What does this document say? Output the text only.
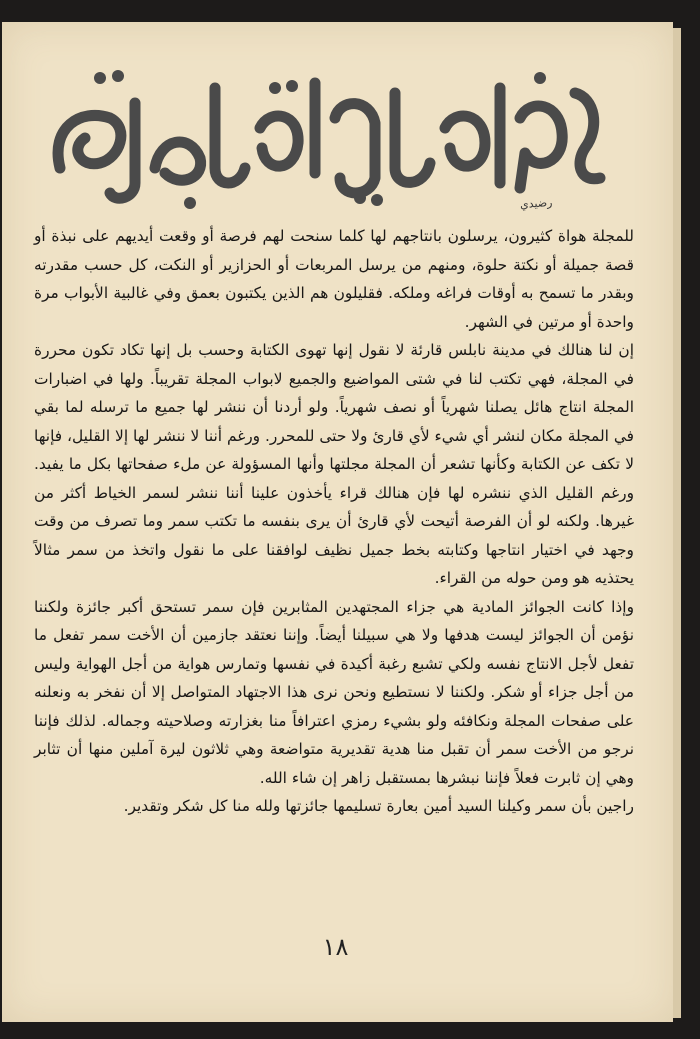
رضيدي

للمجلة هواة كثيرون، يرسلون بانتاجهم لها كلما سنحت لهم فرصة أو وقعت أيديهم على نبذة أو قصة جميلة أو نكتة حلوة، ومنهم من يرسل المربعات أو الحزازير أو النكت، كل حسب مقدرته وبقدر ما تسمح به أوقات فراغه وملكه. فقليلون هم الذين يكتبون بعمق وفي غالبية الأبواب مرة واحدة أو مرتين في الشهر.

إن لنا هنالك في مدينة نابلس قارئة لا نقول إنها تهوى الكتابة وحسب بل إنها تكاد تكون محررة في المجلة، فهي تكتب لنا في شتى المواضيع والجميع لابواب المجلة تقريباً. ولها في اضبارات المجلة انتاج هائل يصلنا شهرياً أو نصف شهرياً. ولو أردنا أن ننشر لها جميع ما ترسله لما بقي في المجلة مكان لنشر أي شيء لأي قارئ ولا حتى للمحرر. ورغم أننا لا ننشر لها إلا القليل، فإنها لا تكف عن الكتابة وكأنها تشعر أن المجلة مجلتها وأنها المسؤولة عن ملء صفحاتها بكل ما يفيد. ورغم القليل الذي ننشره لها فإن هنالك قراء يأخذون علينا أننا ننشر لسمر الخياط أكثر من غيرها. ولكنه لو أن الفرصة أتيحت لأي قارئ أن يرى بنفسه ما تكتب سمر وما تصرف من وقت وجهد في اختيار انتاجها وكتابته بخط جميل نظيف لوافقنا على ما نقول واتخذ من سمر مثالاً يحتذيه هو ومن حوله من القراء.

وإذا كانت الجوائز المادية هي جزاء المجتهدين المثابرين فإن سمر تستحق أكبر جائزة ولكننا نؤمن أن الجوائز ليست هدفها ولا هي سبيلنا أيضاً. وإننا نعتقد جازمين أن الأخت سمر تفعل ما تفعل لأجل الانتاج نفسه ولكي تشبع رغبة أكيدة في نفسها وتمارس هواية من أجل الهواية وليس من أجل جزاء أو شكر. ولكننا لا نستطيع ونحن نرى هذا الاجتهاد المتواصل إلا أن نفخر به ونعلنه على صفحات المجلة ونكافئه ولو بشيء رمزي اعترافاً منا بغزارته وصلاحيته وجماله. لذلك فإننا نرجو من الأخت سمر أن تقبل منا هدية تقديرية متواضعة وهي ثلاثون ليرة آملين منها أن تثابر وهي إن ثابرت فعلاً فإننا نبشرها بمستقبل زاهر إن شاء الله.

راجين بأن سمر وكيلنا السيد أمين بعارة تسليمها جائزتها ولله منا كل شكر وتقدير.

١٨
